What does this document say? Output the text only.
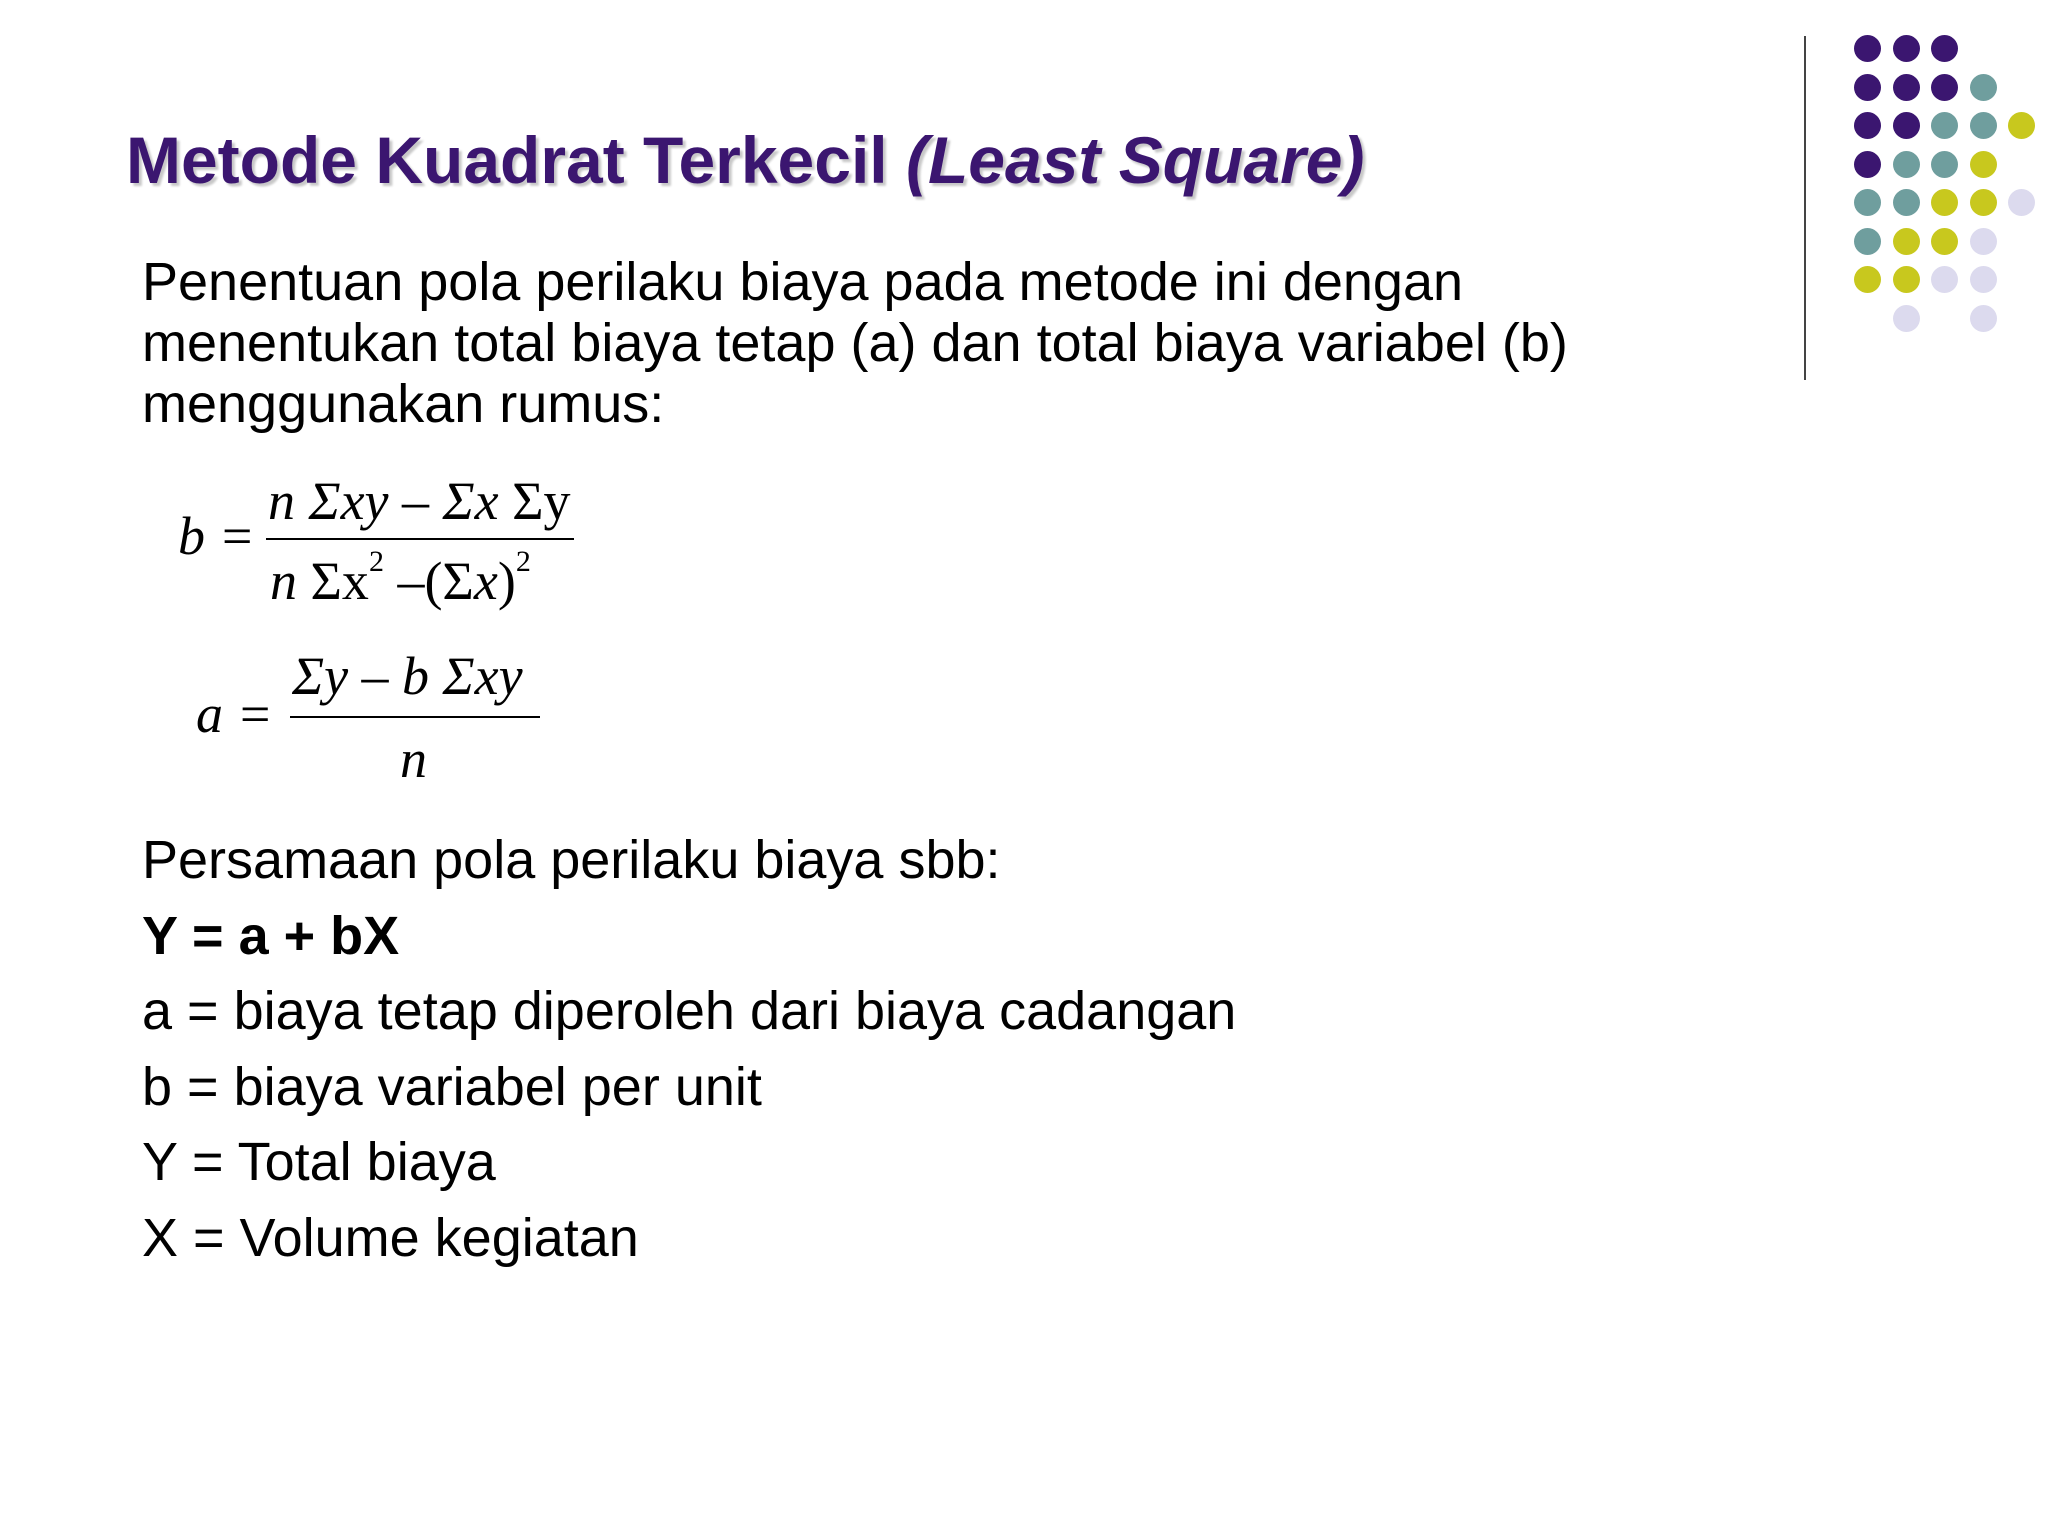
Metode Kuadrat Terkecil (Least Square)

Penentuan pola perilaku biaya pada metode ini dengan menentukan total biaya tetap (a) dan total biaya variabel (b) menggunakan rumus:

b =
n Σxy – Σx Σy
n $\Sigma x^2$ $-(\Sigma x)^2$
a =
Σy – b Σxy
n
Persamaan pola perilaku biaya sbb:
Y = a + bX
a = biaya tetap diperoleh dari biaya cadangan
b = biaya variabel per unit
Y = Total biaya
X = Volume kegiatan
